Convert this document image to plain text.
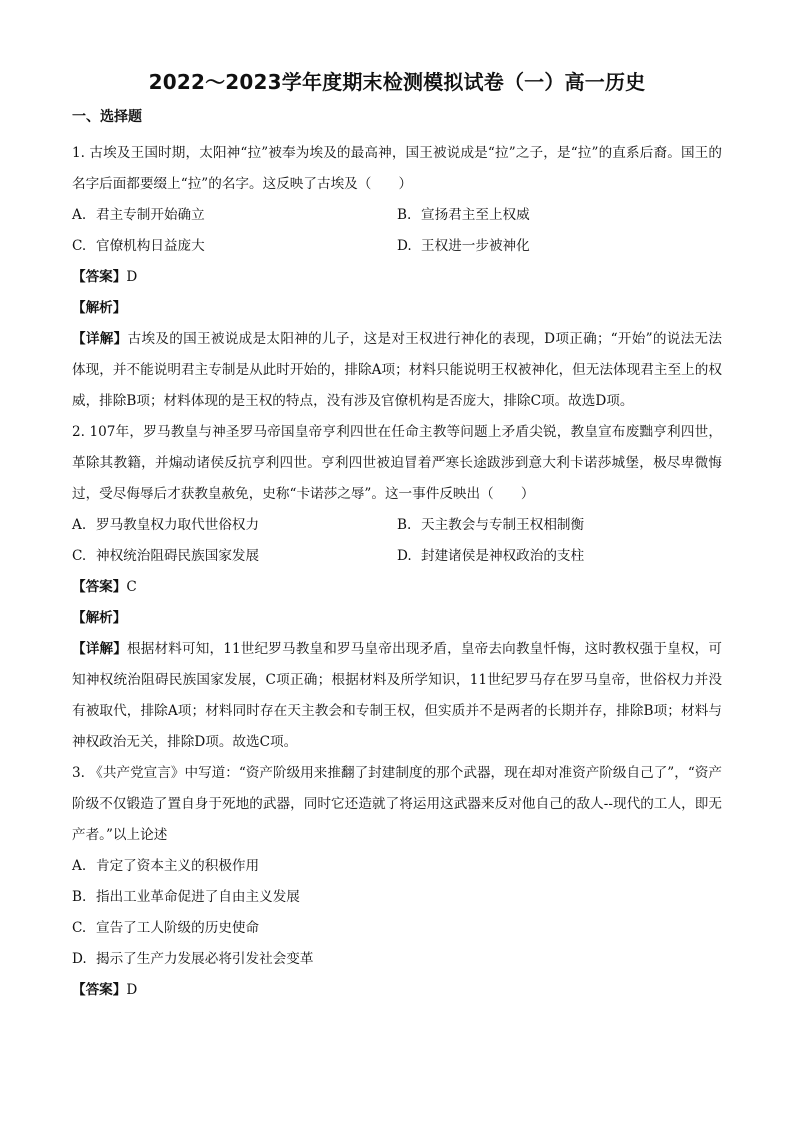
2022～2023学年度期末检测模拟试卷（一）高一历史
一、选择题

1. 古埃及王国时期，太阳神“拉”被奉为埃及的最高神，国王被说成是“拉”之子，是“拉”的直系后裔。国王的名字后面都要缀上“拉”的名字。这反映了古埃及（　　）

A. 君主专制开始确立	B. 宣扬君主至上权威
C. 官僚机构日益庞大	D. 王权进一步被神化

【答案】D

【解析】

【详解】古埃及的国王被说成是太阳神的儿子，这是对王权进行神化的表现，D项正确；“开始”的说法无法体现，并不能说明君主专制是从此时开始的，排除A项；材料只能说明王权被神化，但无法体现君主至上的权威，排除B项；材料体现的是王权的特点，没有涉及官僚机构是否庞大，排除C项。故选D项。

2. 107年，罗马教皇与神圣罗马帝国皇帝亨利四世在任命主教等问题上矛盾尖锐，教皇宣布废黜亨利四世，革除其教籍，并煽动诸侯反抗亨利四世。亨利四世被迫冒着严寒长途跋涉到意大利卡诺莎城堡，极尽卑微悔过，受尽侮辱后才获教皇赦免，史称“卡诺莎之辱”。这一事件反映出（　　）

A. 罗马教皇权力取代世俗权力	B. 天主教会与专制王权相制衡
C. 神权统治阻碍民族国家发展	D. 封建诸侯是神权政治的支柱

【答案】C

【解析】

【详解】根据材料可知，11世纪罗马教皇和罗马皇帝出现矛盾，皇帝去向教皇忏悔，这时教权强于皇权，可知神权统治阻碍民族国家发展，C项正确；根据材料及所学知识，11世纪罗马存在罗马皇帝，世俗权力并没有被取代，排除A项；材料同时存在天主教会和专制王权，但实质并不是两者的长期并存，排除B项；材料与神权政治无关，排除D项。故选C项。

3. 《共产党宣言》中写道：“资产阶级用来推翻了封建制度的那个武器，现在却对准资产阶级自己了”，“资产阶级不仅锻造了置自身于死地的武器，同时它还造就了将运用这武器来反对他自己的敌人--现代的工人，即无产者。”以上论述

A. 肯定了资本主义的积极作用

B. 指出工业革命促进了自由主义发展

C. 宣告了工人阶级的历史使命

D. 揭示了生产力发展必将引发社会变革

【答案】D
